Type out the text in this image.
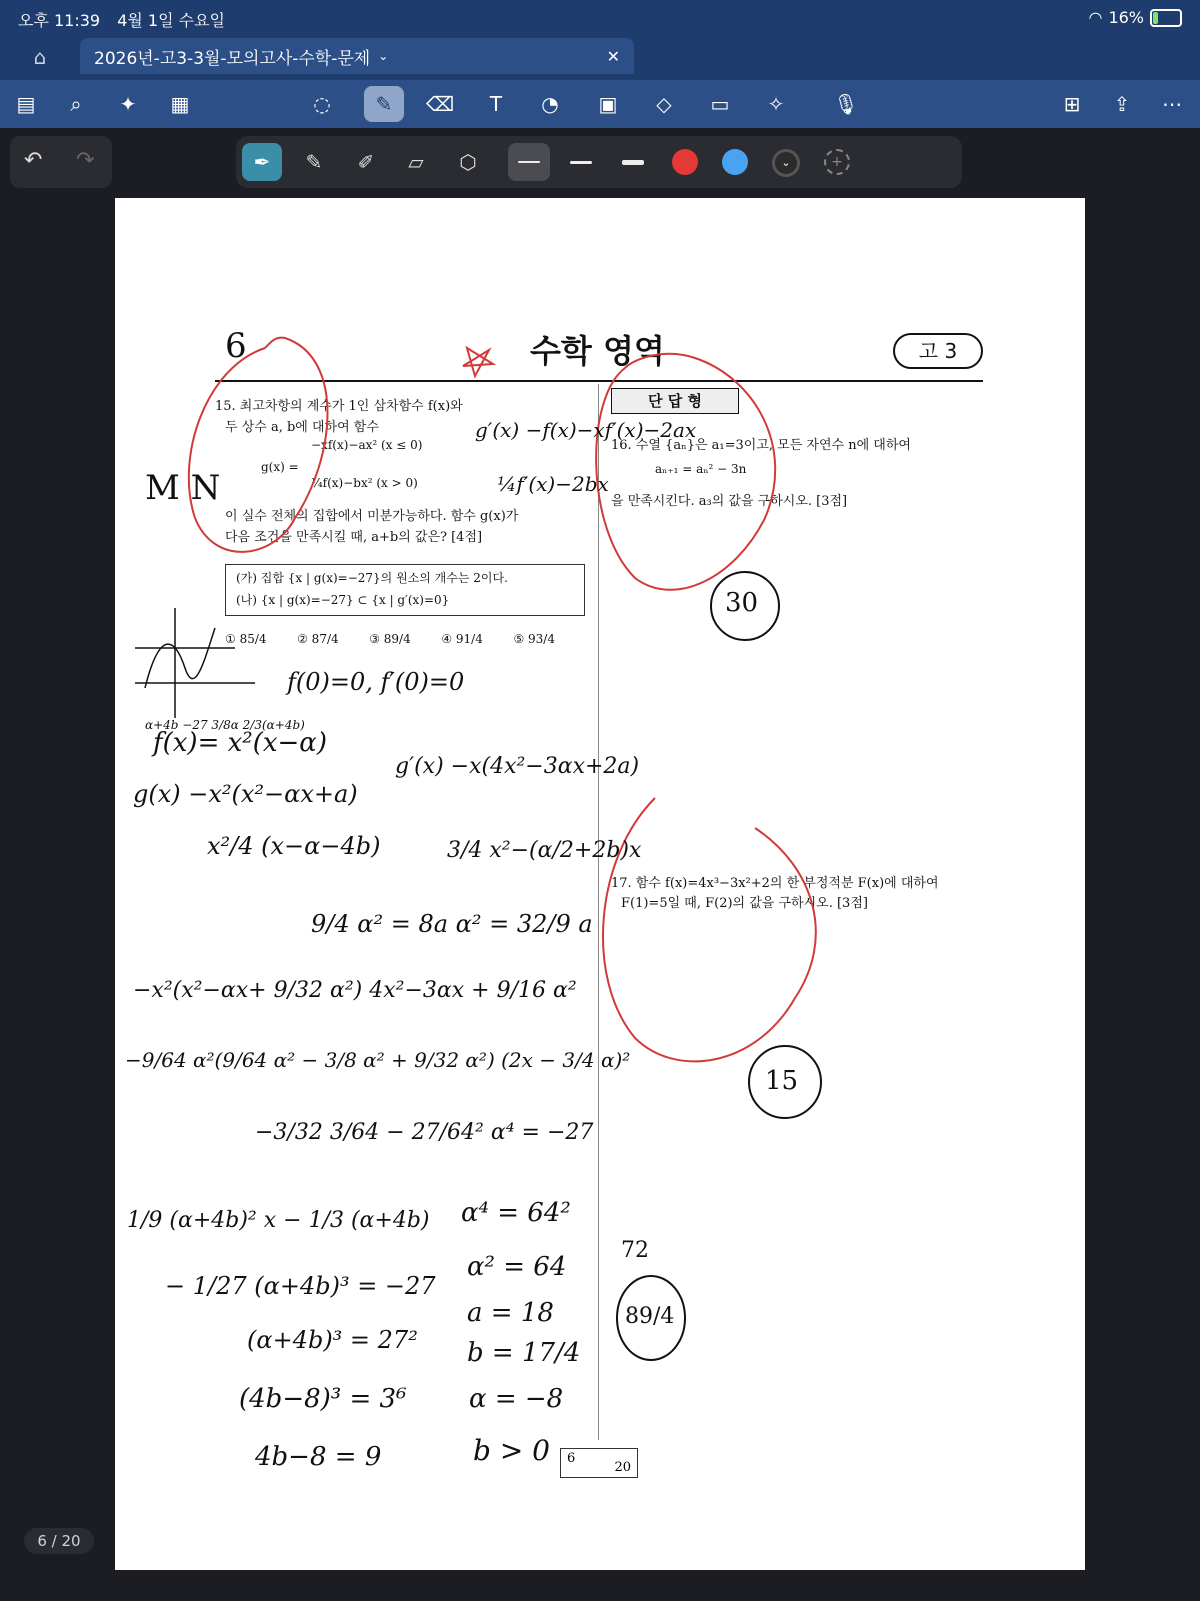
오후 11:39 4월 1일 수요일	◠ 16%
⌂	2026년-고3-3월-모의고사-수학-문제 ⌄	✕
▤	⌕	✦	▦	◌	✎	⌫	T	◔	▣	◇	▭	✧	🎙	⊞	⇪	⋯
↶ ↷	✒	✎	✐	▱	⬡	⌄	+
6	수학 영역	고 3
15. 최고차항의 계수가 1인 삼차함수 f(x)와
두 상수 a, b에 대하여 함수
g(x) =
−xf(x)−ax² (x ≤ 0)
¼f(x)−bx² (x > 0)
이 실수 전체의 집합에서 미분가능하다. 함수 g(x)가
다음 조건을 만족시킬 때, a+b의 값은? [4점]
(가) 집합 {x | g(x)=−27}의 원소의 개수는 2이다.
(나) {x | g(x)=−27} ⊂ {x | g′(x)=0}
① 85/4	② 87/4	③ 89/4	④ 91/4	⑤ 93/4
단 답 형
16. 수열 {aₙ}은 a₁=3이고, 모든 자연수 n에 대하여
aₙ₊₁ = aₙ² − 3n
을 만족시킨다. a₃의 값을 구하시오. [3점]
17. 함수 f(x)=4x³−3x²+2의 한 부정적분 F(x)에 대하여
F(1)=5일 때, F(2)의 값을 구하시오. [3점]
6
20
g′(x) −f(x)−xf′(x)−2ax
¼f′(x)−2bx
M N
30
15
72
89/4
α+4b −27 3/8α 2/3(α+4b)
f(0)=0, f′(0)=0
f(x)= x²(x−α)
g(x) −x²(x²−αx+a)
x²/4 (x−α−4b)
g′(x) −x(4x²−3αx+2a)
3/4 x²−(α/2+2b)x
9/4 α² = 8a α² = 32/9 a
−x²(x²−αx+ 9/32 α²) 4x²−3αx + 9/16 α²
−9/64 α²(9/64 α² − 3/8 α² + 9/32 α²) (2x − 3/4 α)²
−3/32 3/64 − 27/64² α⁴ = −27
1/9 (α+4b)² x − 1/3 (α+4b)
− 1/27 (α+4b)³ = −27
(α+4b)³ = 27²
(4b−8)³ = 3⁶
4b−8 = 9
α⁴ = 64²
α² = 64
a = 18
b = 17/4
α = −8
b > 0
6 / 20
